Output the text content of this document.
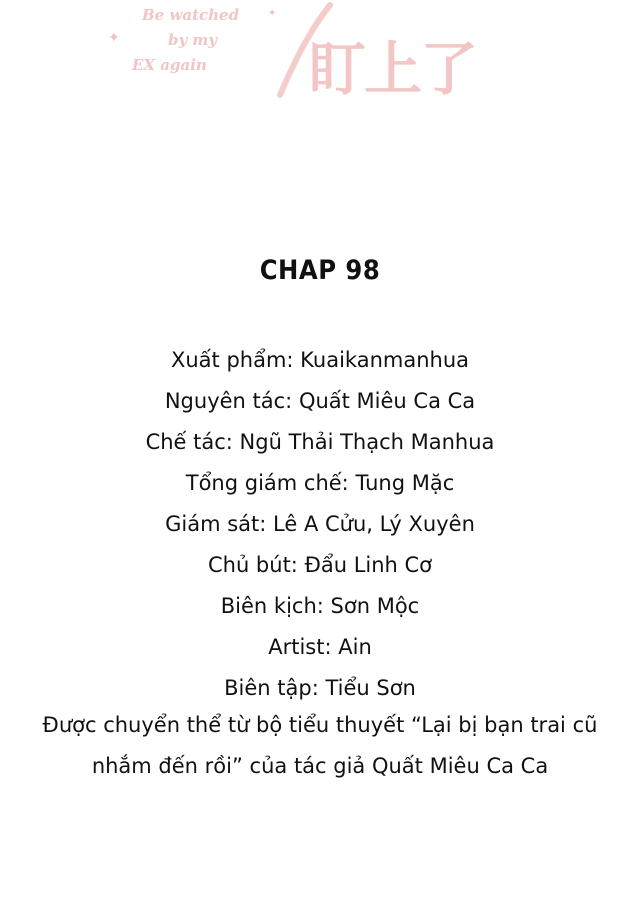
Be watched
by my
EX again 盯上了
✦
✦
CHAP 98
Xuất phẩm: Kuaikanmanhua
Nguyên tác: Quất Miêu Ca Ca
Chế tác: Ngũ Thải Thạch Manhua
Tổng giám chế: Tung Mặc
Giám sát: Lê A Cửu, Lý Xuyên
Chủ bút: Đẩu Linh Cơ
Biên kịch: Sơn Mộc
Artist: Ain
Biên tập: Tiểu Sơn
Được chuyển thể từ bộ tiểu thuyết “Lại bị bạn trai cũ
nhắm đến rồi” của tác giả Quất Miêu Ca Ca
